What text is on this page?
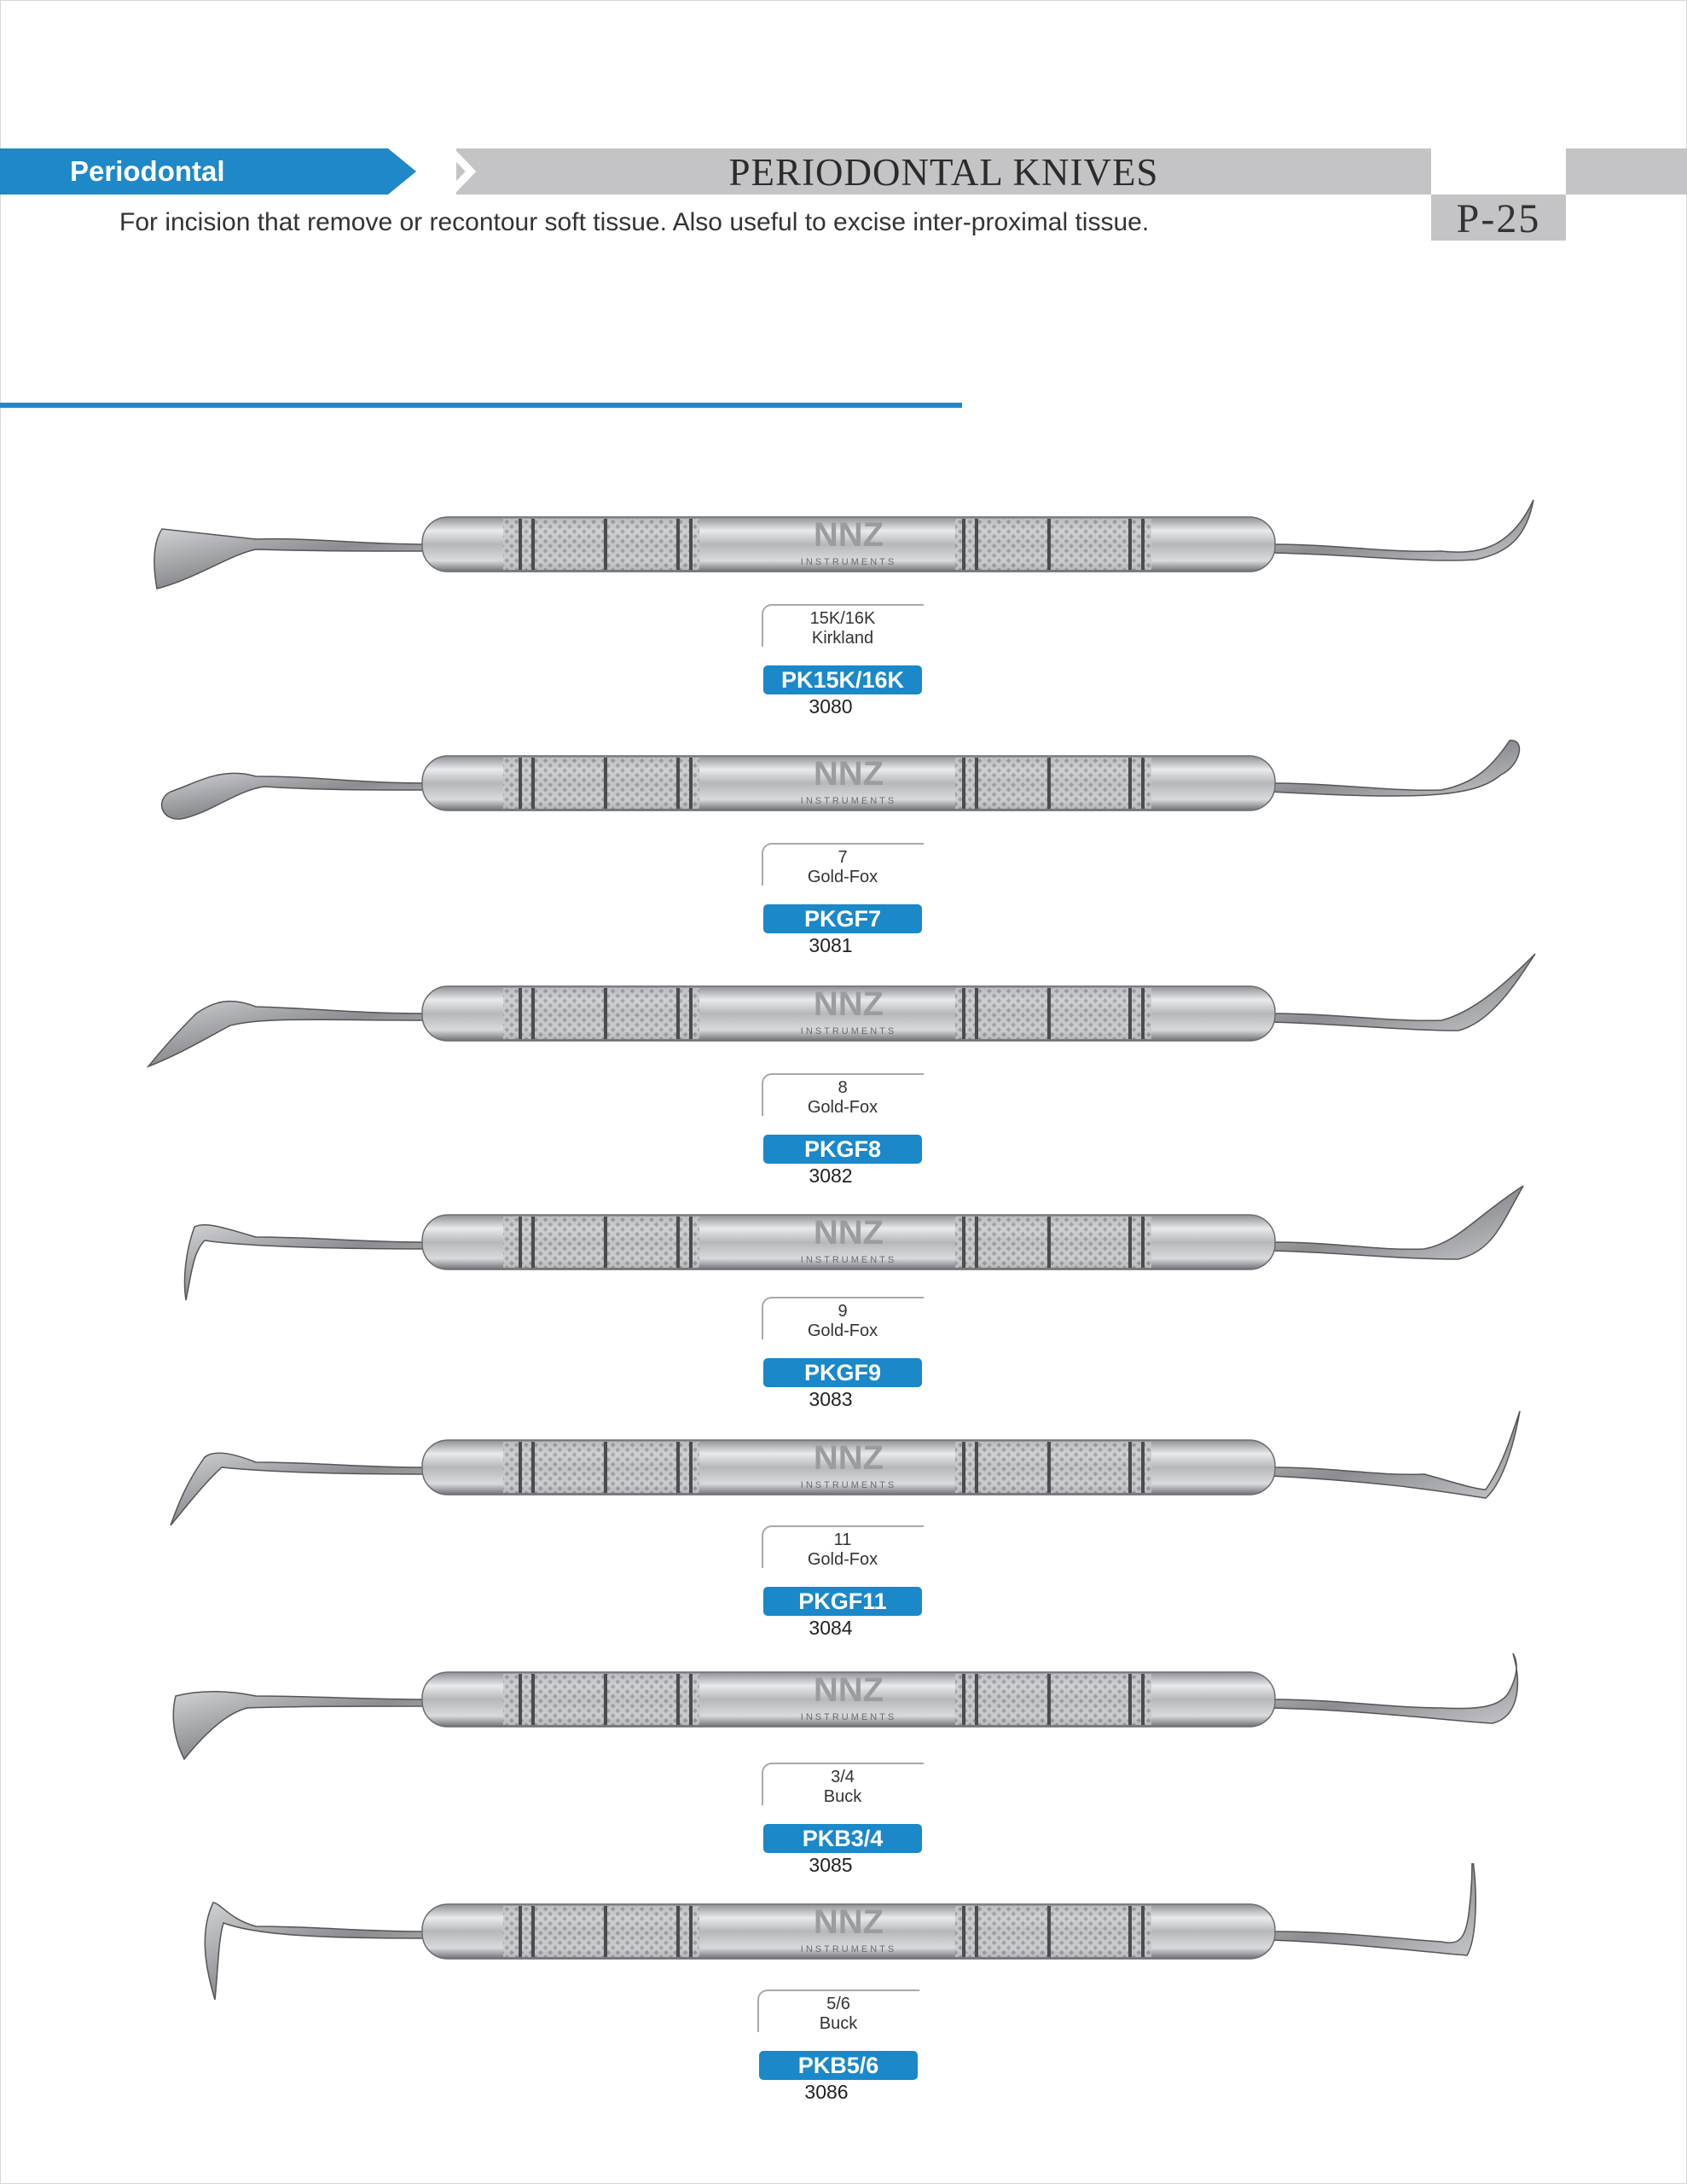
Periodontal	PERIODONTAL KNIVES
P-25
For incision that remove or recontour soft tissue. Also useful to excise inter-proximal tissue.
NNZ
INSTRUMENTS
15K/16K
Kirkland
PK15K/16K
3080
NNZ
INSTRUMENTS
7
Gold-Fox
PKGF7
3081
NNZ
INSTRUMENTS
8
Gold-Fox
PKGF8
3082
NNZ
INSTRUMENTS
9
Gold-Fox
PKGF9
3083
NNZ
INSTRUMENTS
11
Gold-Fox
PKGF11
3084
NNZ
INSTRUMENTS
3/4
Buck
PKB3/4
3085
NNZ
INSTRUMENTS
5/6
Buck
PKB5/6
3086
